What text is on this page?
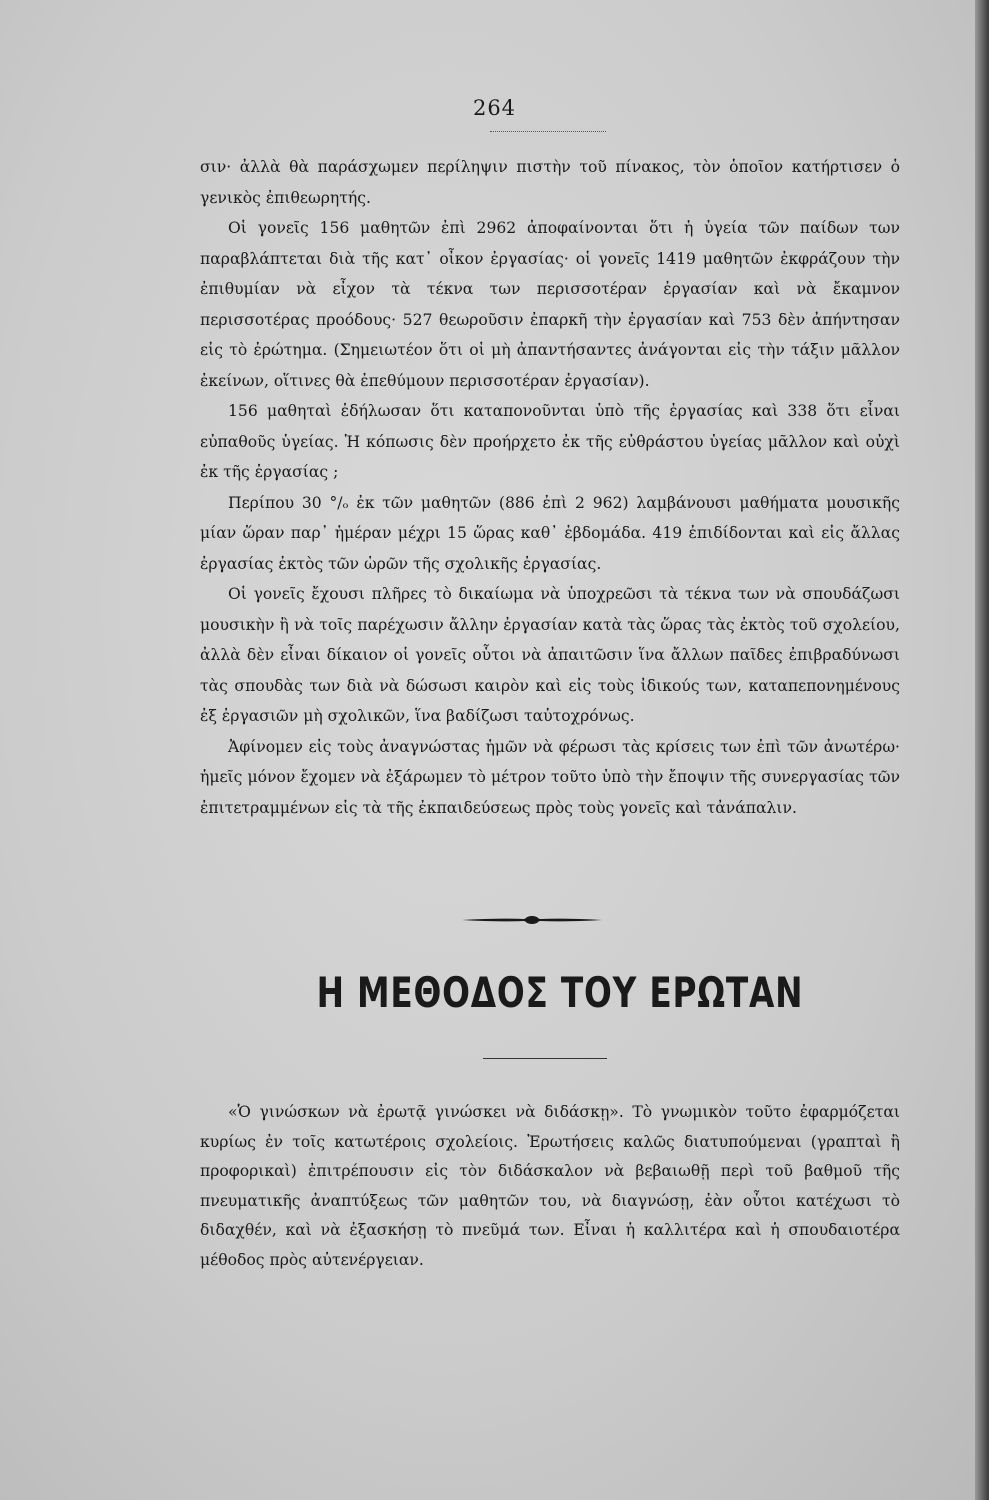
264

σιν· ἀλλὰ θὰ παράσχωμεν περίληψιν πιστὴν τοῦ πίνακος, τὸν ὁποῖον κατήρτισεν ὁ γενικὸς ἐπιθεωρητής.

Οἱ γονεῖς 156 μαθητῶν ἐπὶ 2962 ἀποφαίνονται ὅτι ἡ ὑγεία τῶν παίδων των παραβλάπτεται διὰ τῆς κατ᾽ οἶκον ἐργασίας· οἱ γονεῖς 1419 μαθητῶν ἐκφράζουν τὴν ἐπιθυμίαν νὰ εἶχον τὰ τέκνα των περισσοτέραν ἐργασίαν καὶ νὰ ἔκαμνον περισσοτέρας προόδους· 527 θεωροῦσιν ἐπαρκῆ τὴν ἐργασίαν καὶ 753 δὲν ἀπήντησαν εἰς τὸ ἐρώτημα. (Σημειωτέον ὅτι οἱ μὴ ἀπαντήσαντες ἀνάγονται εἰς τὴν τάξιν μᾶλλον ἐκείνων, οἵτινες θὰ ἐπεθύμουν περισσοτέραν ἐργασίαν).

156 μαθηταὶ ἐδήλωσαν ὅτι καταπονοῦνται ὑπὸ τῆς ἐργασίας καὶ 338 ὅτι εἶναι εὐπαθοῦς ὑγείας. Ἡ κόπωσις δὲν προήρχετο ἐκ τῆς εὐθράστου ὑγείας μᾶλλον καὶ οὐχὶ ἐκ τῆς ἐργασίας ;

Περίπου 30 °/ₒ ἐκ τῶν μαθητῶν (886 ἐπὶ 2 962) λαμβάνουσι μαθήματα μουσικῆς μίαν ὥραν παρ᾽ ἡμέραν μέχρι 15 ὥρας καθ᾽ ἑβδομάδα. 419 ἐπιδίδονται καὶ εἰς ἄλλας ἐργασίας ἐκτὸς τῶν ὡρῶν τῆς σχολικῆς ἐργασίας.

Οἱ γονεῖς ἔχουσι πλῆρες τὸ δικαίωμα νὰ ὑποχρεῶσι τὰ τέκνα των νὰ σπουδάζωσι μουσικὴν ἢ νὰ τοῖς παρέχωσιν ἄλλην ἐργασίαν κατὰ τὰς ὥρας τὰς ἐκτὸς τοῦ σχολείου, ἀλλὰ δὲν εἶναι δίκαιον οἱ γονεῖς οὗτοι νὰ ἀπαιτῶσιν ἵνα ἄλλων παῖδες ἐπιβραδύνωσι τὰς σπουδὰς των διὰ νὰ δώσωσι καιρὸν καὶ εἰς τοὺς ἰδικούς των, καταπεπονημένους ἐξ ἐργασιῶν μὴ σχολικῶν, ἵνα βαδίζωσι ταὐτοχρόνως.

Ἀφίνομεν εἰς τοὺς ἀναγνώστας ἡμῶν νὰ φέρωσι τὰς κρίσεις των ἐπὶ τῶν ἀνωτέρω· ἡμεῖς μόνον ἔχομεν νὰ ἐξάρωμεν τὸ μέτρον τοῦτο ὑπὸ τὴν ἔποψιν τῆς συνεργασίας τῶν ἐπιτετραμμένων εἰς τὰ τῆς ἐκπαιδεύσεως πρὸς τοὺς γονεῖς καὶ τἀνάπαλιν.

Η ΜΕΘΟΔΟΣ ΤΟΥ ΕΡΩΤΑΝ

«Ὁ γινώσκων νὰ ἐρωτᾷ γινώσκει νὰ διδάσκῃ». Τὸ γνωμικὸν τοῦτο ἐφαρμόζεται κυρίως ἐν τοῖς κατωτέροις σχολείοις. Ἐρωτήσεις καλῶς διατυπούμεναι (γραπταὶ ἢ προφορικαὶ) ἐπιτρέπουσιν εἰς τὸν διδάσκαλον νὰ βεβαιωθῇ περὶ τοῦ βαθμοῦ τῆς πνευματικῆς ἀναπτύξεως τῶν μαθητῶν του, νὰ διαγνώσῃ, ἐὰν οὗτοι κατέχωσι τὸ διδαχθέν, καὶ νὰ ἐξασκήσῃ τὸ πνεῦμά των. Εἶναι ἡ καλλιτέρα καὶ ἡ σπουδαιοτέρα μέθοδος πρὸς αὐτενέργειαν.
